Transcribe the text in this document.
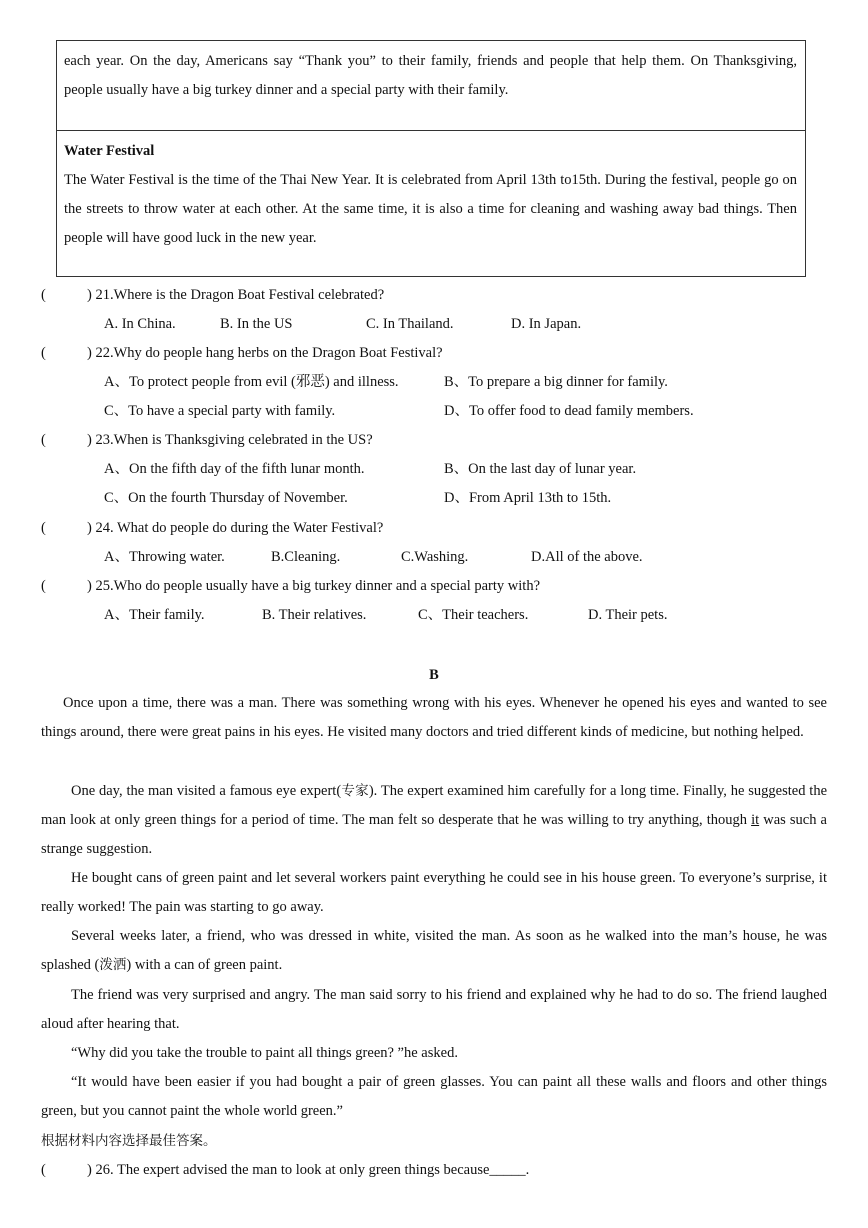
each year. On the day, Americans say “Thank you” to their family, friends and people that help them. On Thanksgiving, people usually have a big turkey dinner and a special party with their family.

Water Festival

The Water Festival is the time of the Thai New Year. It is celebrated from April 13th to15th. During the festival, people go on the streets to throw water at each other. At the same time, it is also a time for cleaning and washing away bad things. Then people will have good luck in the new year.

(	) 21.Where is the Dragon Boat Festival celebrated?
A. In China.	B. In the US	C. In Thailand.	D. In Japan.
(	) 22.Why do people hang herbs on the Dragon Boat Festival?
A、To protect people from evil (邪恶) and illness.	B、To prepare a big dinner for family.
C、To have a special party with family.	D、To offer food to dead family members.
(	) 23.When is Thanksgiving celebrated in the US?
A、On the fifth day of the fifth lunar month.	B、On the last day of lunar year.
C、On the fourth Thursday of November.	D、From April 13th to 15th.
(	) 24. What do people do during the Water Festival?
A、Throwing water.	B.Cleaning.	C.Washing.	D.All of the above.
(	) 25.Who do people usually have a big turkey dinner and a special party with?
A、Their family.	B. Their relatives.	C、Their teachers.	D. Their pets.
B

Once upon a time, there was a man. There was something wrong with his eyes. Whenever he opened his eyes and wanted to see things around, there were great pains in his eyes. He visited many doctors and tried different kinds of medicine, but nothing helped.

One day, the man visited a famous eye expert(专家). The expert examined him carefully for a long time. Finally, he suggested the man look at only green things for a period of time. The man felt so desperate that he was willing to try anything, though it was such a strange suggestion.

He bought cans of green paint and let several workers paint everything he could see in his house green. To everyone’s surprise, it really worked! The pain was starting to go away.

Several weeks later, a friend, who was dressed in white, visited the man. As soon as he walked into the man’s house, he was splashed (泼洒) with a can of green paint.

The friend was very surprised and angry. The man said sorry to his friend and explained why he had to do so. The friend laughed aloud after hearing that.

“Why did you take the trouble to paint all things green? ”he asked.

“It would have been easier if you had bought a pair of green glasses. You can paint all these walls and floors and other things green, but you cannot paint the whole world green.”

根据材料内容选择最佳答案。
(	) 26. The expert advised the man to look at only green things because_____.
